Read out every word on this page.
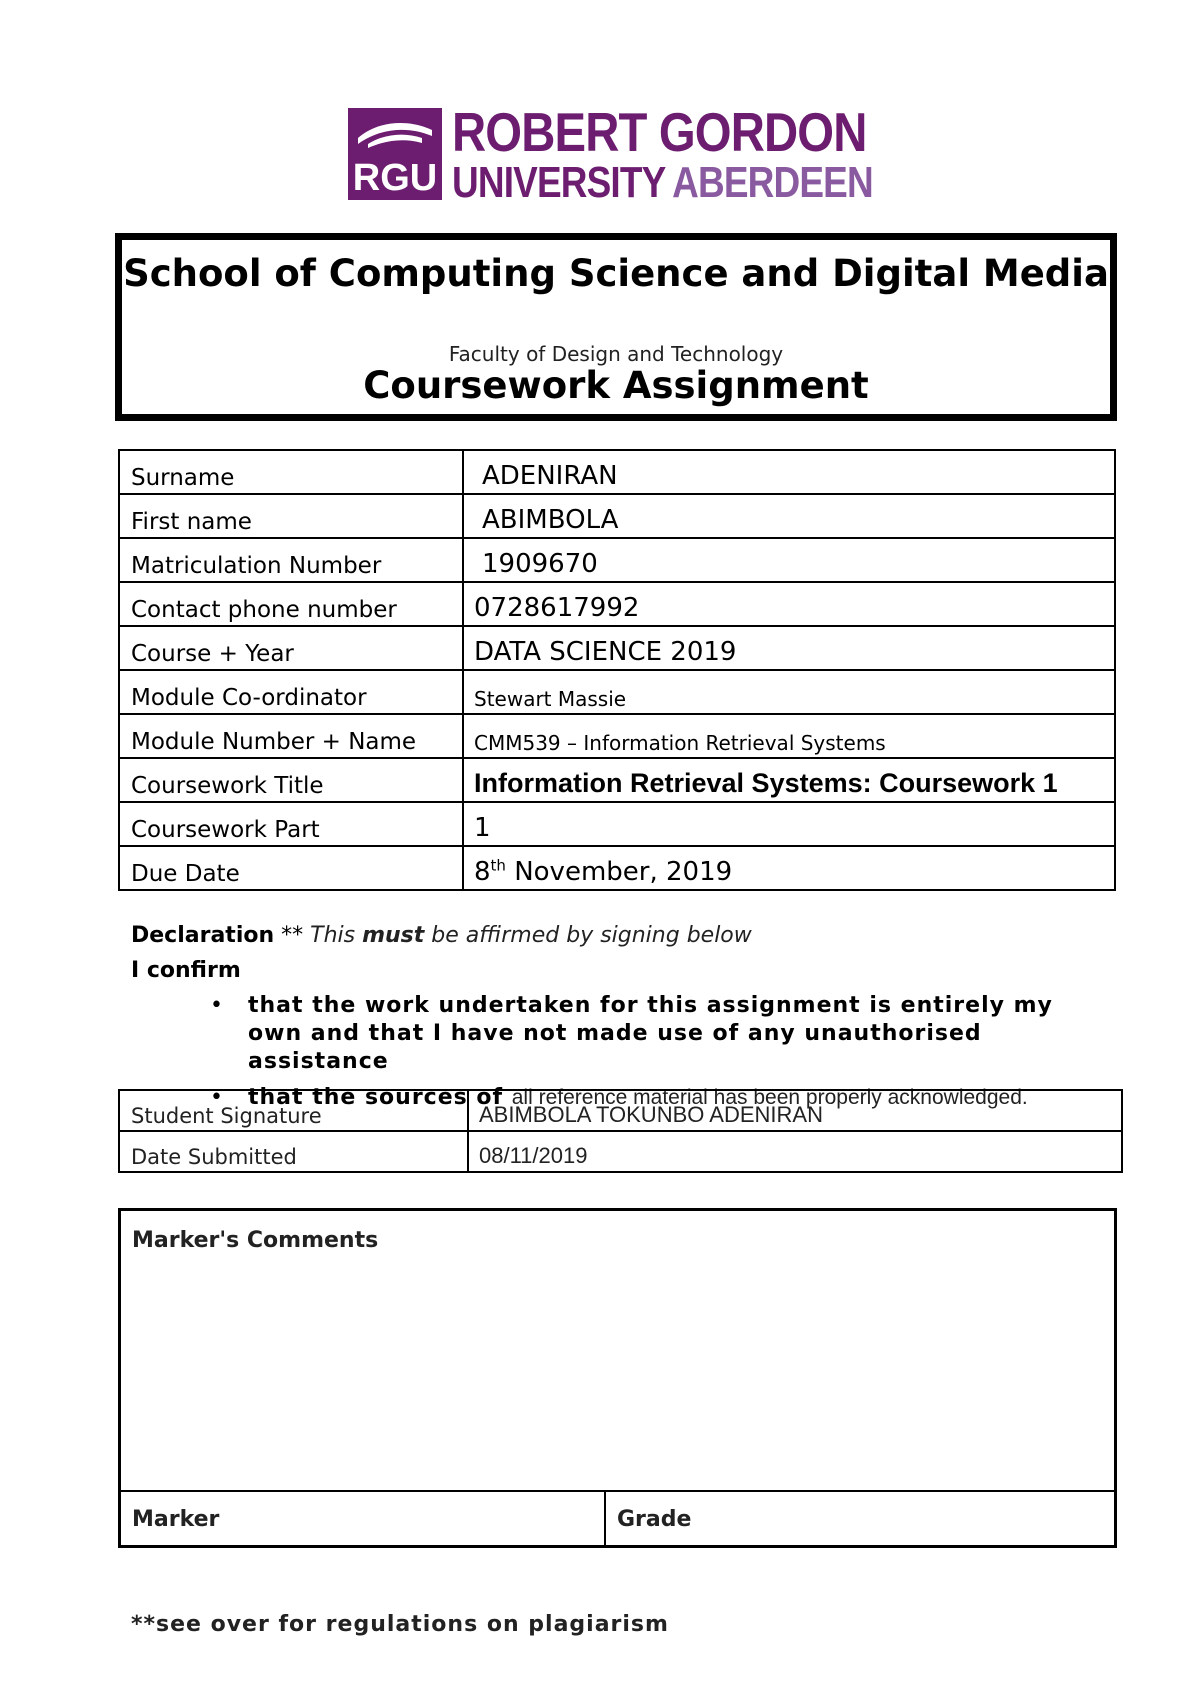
RGU
ROBERT GORDON
UNIVERSITY ABERDEEN
School of Computing Science and Digital Media
Faculty of Design and Technology
Coursework Assignment
Surname	ADENIRAN
First name	ABIMBOLA
Matriculation Number	1909670
Contact phone number	0728617992
Course + Year	DATA SCIENCE 2019
Module Co-ordinator	Stewart Massie
Module Number + Name	CMM539 – Information Retrieval Systems
Coursework Title	Information Retrieval Systems: Coursework 1
Coursework Part	1
Due Date	8th November, 2019
Declaration ** This must be affirmed by signing below
I confirm
• that the work undertaken for this assignment is entirely my own and that I have not made use of any unauthorised assistance
• that the sources of all reference material has been properly acknowledged.
Student Signature	ABIMBOLA TOKUNBO ADENIRAN
Date Submitted	08/11/2019
Marker's Comments
Marker	Grade
**see over for regulations on plagiarism
